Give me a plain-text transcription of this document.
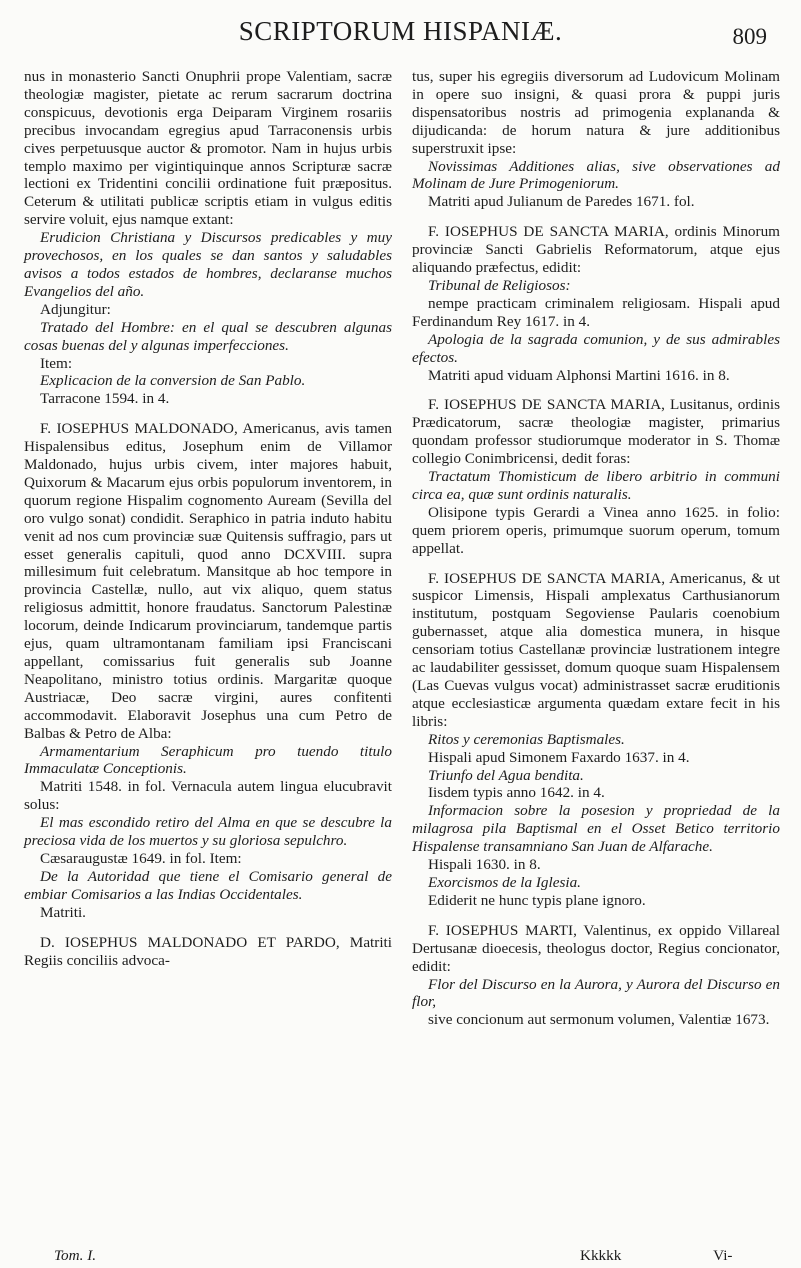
SCRIPTORUM HISPANIÆ.	809

nus in monasterio Sancti Onuphrii prope Valentiam, sacræ theologiæ magister, pietate ac rerum sacrarum doctrina conspicuus, devotionis erga Deiparam Virginem rosariis precibus invocandam egregius apud Tarraconensis urbis cives perpetuusque auctor & promotor. Nam in hujus urbis templo maximo per vigintiquinque annos Scripturæ sacræ lectioni ex Tridentini concilii ordinatione fuit præpositus. Ceterum & utilitati publicæ scriptis etiam in vulgus editis servire voluit, ejus namque extant:

Erudicion Christiana y Discursos predicables y muy provechosos, en los quales se dan santos y saludables avisos a todos estados de hombres, declaranse muchos Evangelios del año.

Adjungitur:

Tratado del Hombre: en el qual se descubren algunas cosas buenas del y algunas imperfecciones.

Item:

Explicacion de la conversion de San Pablo.

Tarracone 1594. in 4.

F. IOSEPHUS MALDONADO, Americanus, avis tamen Hispalensibus editus, Josephum enim de Villamor Maldonado, hujus urbis civem, inter majores habuit, Quixorum & Macarum ejus orbis populorum inventorem, in quorum regione Hispalim cognomento Auream (Sevilla del oro vulgo sonat) condidit. Seraphico in patria induto habitu venit ad nos cum provinciæ suæ Quitensis suffragio, pars ut esset generalis capituli, quod anno DCXVIII. supra millesimum fuit celebratum. Mansitque ab hoc tempore in provincia Castellæ, nullo, aut vix aliquo, quem status religiosus admittit, honore fraudatus. Sanctorum Palestinæ locorum, deinde Indicarum provinciarum, tandemque partis ejus, quam ultramontanam familiam ipsi Franciscani appellant, comissarius fuit generalis sub Joanne Neapolitano, ministro totius ordinis. Margaritæ quoque Austriacæ, Deo sacræ virgini, aures confitenti accommodavit. Elaboravit Josephus una cum Petro de Balbas & Petro de Alba:

Armamentarium Seraphicum pro tuendo titulo Immaculatæ Conceptionis.

Matriti 1548. in fol. Vernacula autem lingua elucubravit solus:

El mas escondido retiro del Alma en que se descubre la preciosa vida de los muertos y su gloriosa sepulchro.

Cæsaraugustæ 1649. in fol. Item:

De la Autoridad que tiene el Comisario general de embiar Comisarios a las Indias Occidentales.

Matriti.

D. IOSEPHUS MALDONADO ET PARDO, Matriti Regiis conciliis advoca-

tus, super his egregiis diversorum ad Ludovicum Molinam in opere suo insigni, & quasi prora & puppi juris dispensatoribus nostris ad primogenia explananda & dijudicanda: de horum natura & jure additionibus superstruxit ipse:

Novissimas Additiones alias, sive observationes ad Molinam de Jure Primogeniorum.

Matriti apud Julianum de Paredes 1671. fol.

F. IOSEPHUS DE SANCTA MARIA, ordinis Minorum provinciæ Sancti Gabrielis Reformatorum, atque ejus aliquando præfectus, edidit:

Tribunal de Religiosos:

nempe practicam criminalem religiosam. Hispali apud Ferdinandum Rey 1617. in 4.

Apologia de la sagrada comunion, y de sus admirables efectos.

Matriti apud viduam Alphonsi Martini 1616. in 8.

F. IOSEPHUS DE SANCTA MARIA, Lusitanus, ordinis Prædicatorum, sacræ theologiæ magister, primarius quondam professor studiorumque moderator in S. Thomæ collegio Conimbricensi, dedit foras:

Tractatum Thomisticum de libero arbitrio in communi circa ea, quæ sunt ordinis naturalis.

Olisipone typis Gerardi a Vinea anno 1625. in folio: quem priorem operis, primumque suorum operum, tomum appellat.

F. IOSEPHUS DE SANCTA MARIA, Americanus, & ut suspicor Limensis, Hispali amplexatus Carthusianorum institutum, postquam Segoviense Paularis coenobium gubernasset, atque alia domestica munera, in hisque censoriam totius Castellanæ provinciæ lustrationem integre ac laudabiliter gessisset, domum quoque suam Hispalensem (Las Cuevas vulgus vocat) administrasset sacræ eruditionis atque ecclesiasticæ argumenta quædam extare fecit in his libris:

Ritos y ceremonias Baptismales.

Hispali apud Simonem Faxardo 1637. in 4.

Triunfo del Agua bendita.

Iisdem typis anno 1642. in 4.

Informacion sobre la posesion y propriedad de la milagrosa pila Baptismal en el Osset Betico territorio Hispalense transamniano San Juan de Alfarache.

Hispali 1630. in 8.

Exorcismos de la Iglesia.

Ediderit ne hunc typis plane ignoro.

F. IOSEPHUS MARTI, Valentinus, ex oppido Villareal Dertusanæ dioecesis, theologus doctor, Regius concionator, edidit:

Flor del Discurso en la Aurora, y Aurora del Discurso en flor,

sive concionum aut sermonum volumen, Valentiæ 1673.

Tom. I.	Kkkkk	Vi-
